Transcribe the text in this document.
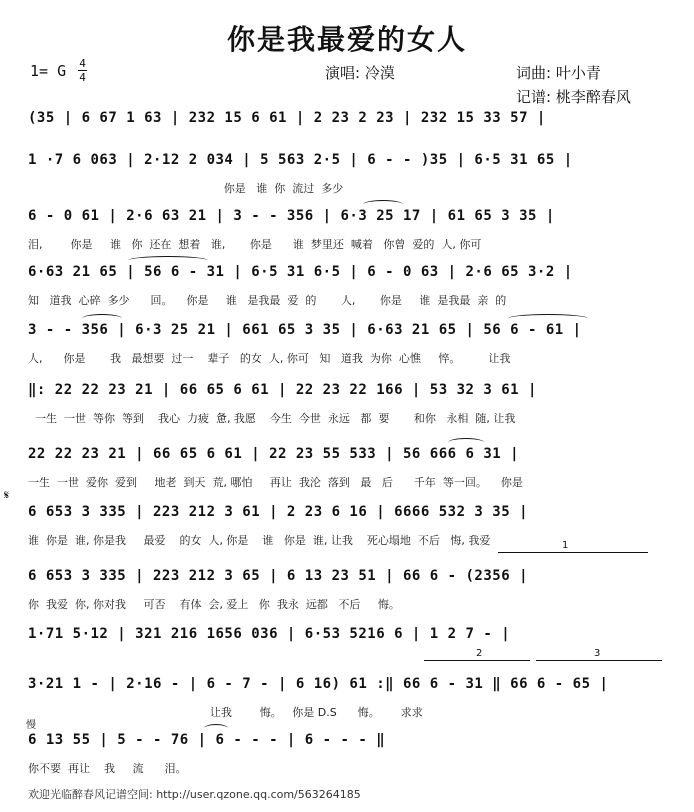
你是我最爱的女人
1= G 4
4	演唱: 冷漠	词曲: 叶小青
记谱: 桃李醉春风
(35 | 6 67 1 63 | 232 15 6 61 | 2 23 2 23 | 232 15 33 57 |
1 ·7 6 063 | 2·12 2 034 | 5 563 2·5 | 6 - - )35 | 6·5 31 65 |
你是   谁  你  流过  多少
6 - 0 61 | 2·6 63 21 | 3 - - 356 | 6·3 25 17 | 61 65 3 35 |
泪,        你是     谁   你  还在  想着   谁,       你是      谁  梦里还  喊着   你曾  爱的  人, 你可
6·63 21 65 | 56 6 - 31 | 6·5 31 6·5 | 6 - 0 63 | 2·6 65 3·2 |
知   道我  心碎  多少      回。    你是     谁   是我最  爱  的       人,       你是     谁  是我最  亲  的
3 - - 356 | 6·3 25 21 | 661 65 3 35 | 6·63 21 65 | 56 6 - 61 |
人,      你是       我   最想要  过一    辈子   的女  人, 你可   知   道我  为你  心憔     悴。        让我
‖: 22 22 23 21 | 66 65 6 61 | 22 23 22 166 | 53 32 3 61 |
一生  一世  等你  等到    我心  力疲  惫, 我愿    今生  今世  永远   都  要       和你   永相  随, 让我
22 22 23 21 | 66 65 6 61 | 22 23 55 533 | 56 666 6 31 |
一生  一世  爱你  爱到     地老  到天  荒, 哪怕     再让  我沦  落到   最   后      千年  等一回。    你是
𝄋
6 653 3 335 | 223 212 3 61 | 2 23 6 16 | 6666 532 3 35 |
谁  你是  谁, 你是我     最爱    的女  人, 你是    谁   你是  谁, 让我    死心塌地  不后   悔, 我爱	1
6 653 3 335 | 223 212 3 65 | 6 13 23 51 | 66 6 - (2356 |
你  我爱  你, 你对我     可否    有体  会, 爱上   你  我永  远都   不后     悔。
1·71 5·12 | 321 216 1656 036 | 6·53 5216 6 | 1 2 7 - |
2	3
3·21 1 - | 2·16 - | 6 - 7 - | 6 16) 61 :‖ 66 6 - 31 ‖ 66 6 - 65 |
让我        悔。   你是 D.S      悔。      求求
慢
6 13 55 | 5 - - 76 | 6 - - - | 6 - - - ‖
你不要  再让    我     流      泪。
欢迎光临醉春风记谱空间: http://user.qzone.qq.com/563264185
